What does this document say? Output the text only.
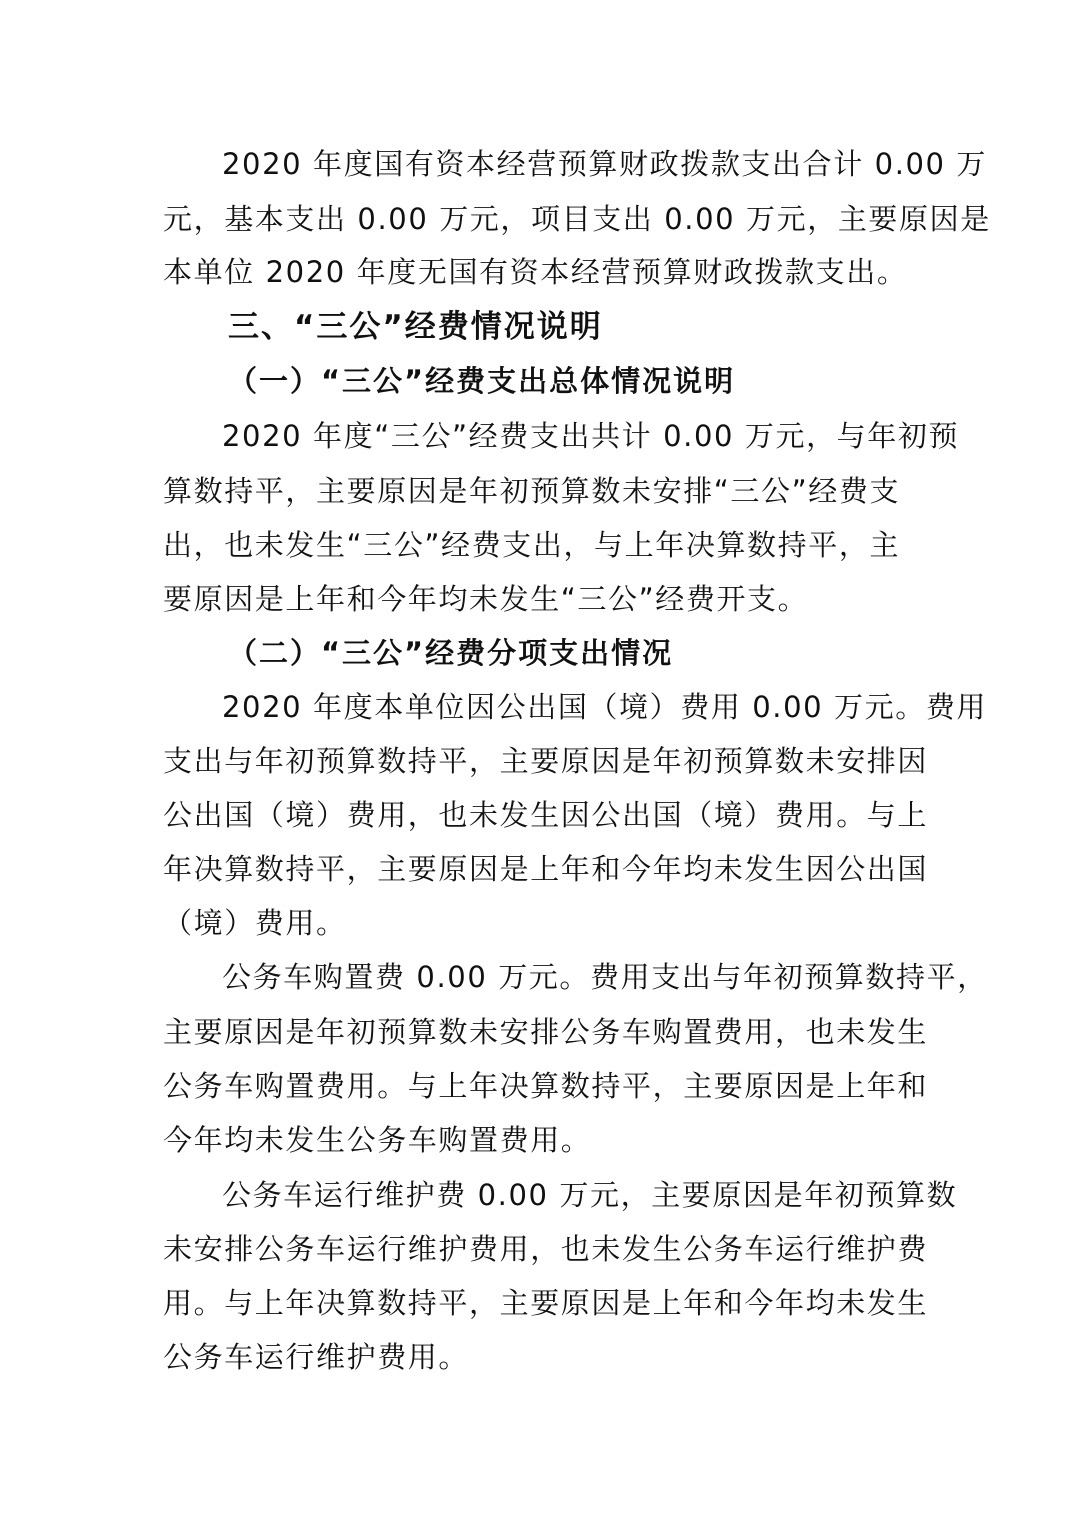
2020 年度国有资本经营预算财政拨款支出合计 0.00 万
元，基本支出 0.00 万元，项目支出 0.00 万元，主要原因是
本单位 2020 年度无国有资本经营预算财政拨款支出。
三、“三公”经费情况说明
（一）“三公”经费支出总体情况说明
2020 年度“三公”经费支出共计 0.00 万元，与年初预
算数持平，主要原因是年初预算数未安排“三公”经费支
出，也未发生“三公”经费支出，与上年决算数持平，主
要原因是上年和今年均未发生“三公”经费开支。
（二）“三公”经费分项支出情况
2020 年度本单位因公出国（境）费用 0.00 万元。费用
支出与年初预算数持平，主要原因是年初预算数未安排因
公出国（境）费用，也未发生因公出国（境）费用。与上
年决算数持平，主要原因是上年和今年均未发生因公出国
（境）费用。
公务车购置费 0.00 万元。费用支出与年初预算数持平，
主要原因是年初预算数未安排公务车购置费用，也未发生
公务车购置费用。与上年决算数持平，主要原因是上年和
今年均未发生公务车购置费用。
公务车运行维护费 0.00 万元，主要原因是年初预算数
未安排公务车运行维护费用，也未发生公务车运行维护费
用。与上年决算数持平，主要原因是上年和今年均未发生
公务车运行维护费用。
